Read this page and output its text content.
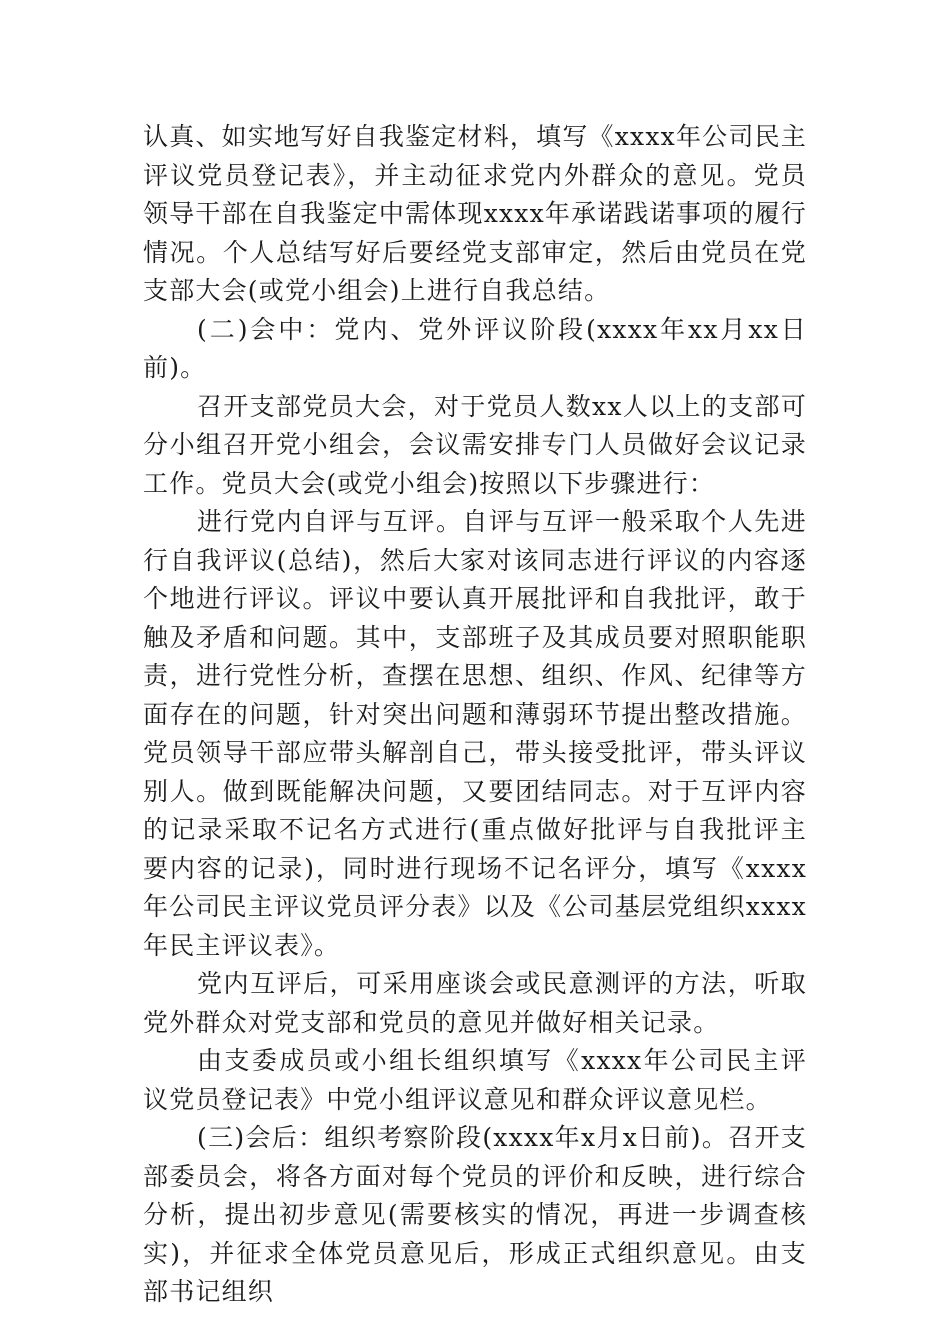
认真、如实地写好自我鉴定材料，填写《xxxx年公司民主评议党员登记表》，并主动征求党内外群众的意见。党员领导干部在自我鉴定中需体现xxxx年承诺践诺事项的履行情况。个人总结写好后要经党支部审定，然后由党员在党支部大会(或党小组会)上进行自我总结。

(二)会中：党内、党外评议阶段(xxxx年xx月xx日前)。

召开支部党员大会，对于党员人数xx人以上的支部可分小组召开党小组会，会议需安排专门人员做好会议记录工作。党员大会(或党小组会)按照以下步骤进行：

进行党内自评与互评。自评与互评一般采取个人先进行自我评议(总结)，然后大家对该同志进行评议的内容逐个地进行评议。评议中要认真开展批评和自我批评，敢于触及矛盾和问题。其中，支部班子及其成员要对照职能职责，进行党性分析，查摆在思想、组织、作风、纪律等方面存在的问题，针对突出问题和薄弱环节提出整改措施。党员领导干部应带头解剖自己，带头接受批评，带头评议别人。做到既能解决问题，又要团结同志。对于互评内容的记录采取不记名方式进行(重点做好批评与自我批评主要内容的记录)，同时进行现场不记名评分，填写《xxxx年公司民主评议党员评分表》以及《公司基层党组织xxxx年民主评议表》。

党内互评后，可采用座谈会或民意测评的方法，听取党外群众对党支部和党员的意见并做好相关记录。

由支委成员或小组长组织填写《xxxx年公司民主评议党员登记表》中党小组评议意见和群众评议意见栏。

(三)会后：组织考察阶段(xxxx年x月x日前)。召开支部委员会，将各方面对每个党员的评价和反映，进行综合分析，提出初步意见(需要核实的情况，再进一步调查核实)，并征求全体党员意见后，形成正式组织意见。由支部书记组织
